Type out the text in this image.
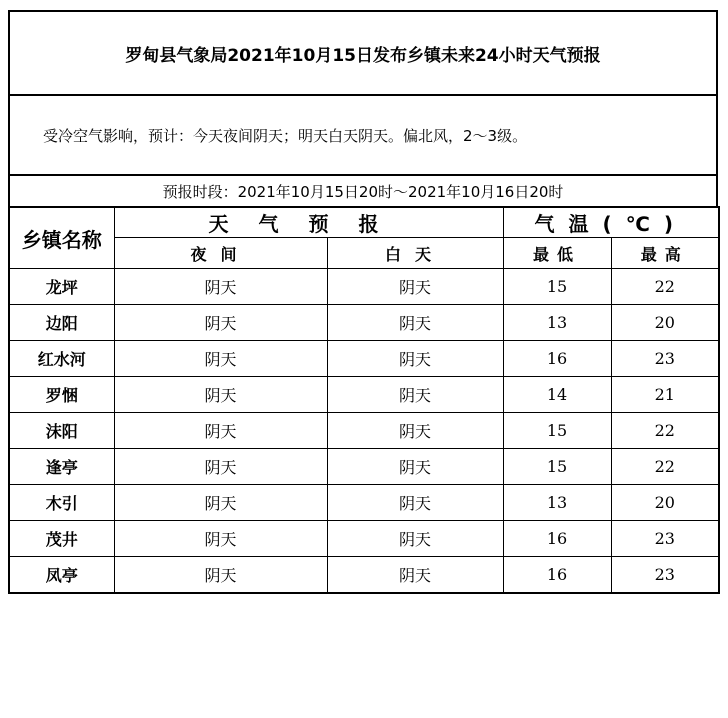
罗甸县气象局2021年10月15日发布乡镇未来24小时天气预报
受冷空气影响，预计：今天夜间阴天；明天白天阴天。偏北风，2～3级。
预报时段：2021年10月15日20时～2021年10月16日20时
乡镇名称	天气预报		气温(℃)	
	夜间	白天	最低	最高
龙坪	阴天	阴天	15	22
边阳	阴天	阴天	13	20
红水河	阴天	阴天	16	23
罗悃	阴天	阴天	14	21
沫阳	阴天	阴天	15	22
逢亭	阴天	阴天	15	22
木引	阴天	阴天	13	20
茂井	阴天	阴天	16	23
凤亭	阴天	阴天	16	23
